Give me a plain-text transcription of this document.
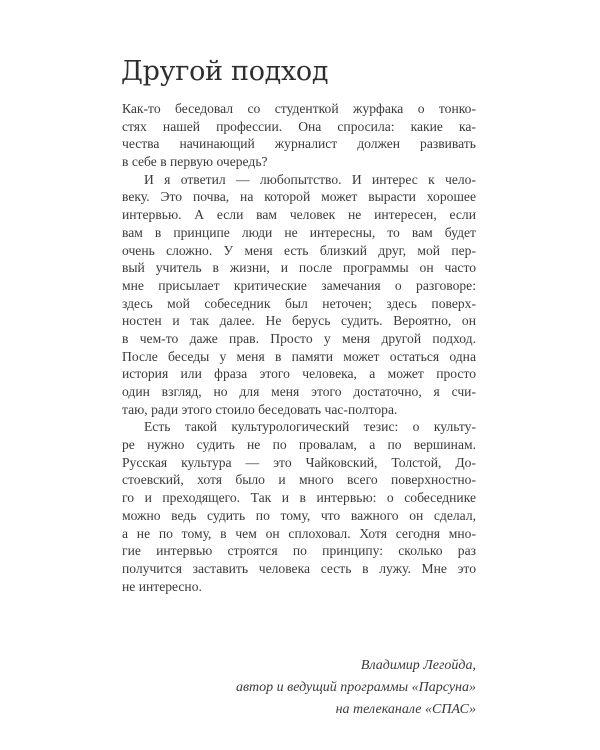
Другой подход
Как-то беседовал со студенткой журфака о тонко-
стях нашей профессии. Она спросила: какие ка-
чества начинающий журналист должен развивать
в себе в первую очередь?
И я ответил — любопытство. И интерес к чело-
веку. Это почва, на которой может вырасти хорошее
интервью. А если вам человек не интересен, если
вам в принципе люди не интересны, то вам будет
очень сложно. У меня есть близкий друг, мой пер-
вый учитель в жизни, и после программы он часто
мне присылает критические замечания о разговоре:
здесь мой собеседник был неточен; здесь поверх-
ностен и так далее. Не берусь судить. Вероятно, он
в чем-то даже прав. Просто у меня другой подход.
После беседы у меня в памяти может остаться одна
история или фраза этого человека, а может просто
один взгляд, но для меня этого достаточно, я счи-
таю, ради этого стоило беседовать час-полтора.
Есть такой культурологический тезис: о культу-
ре нужно судить не по провалам, а по вершинам.
Русская культура — это Чайковский, Толстой, До-
стоевский, хотя было и много всего поверхностно-
го и преходящего. Так и в интервью: о собеседнике
можно ведь судить по тому, что важного он сделал,
а не по тому, в чем он сплоховал. Хотя сегодня мно-
гие интервью строятся по принципу: сколько раз
получится заставить человека сесть в лужу. Мне это
не интересно.
Владимир Легойда,
автор и ведущий программы «Парсуна»
на телеканале «СПАС»
